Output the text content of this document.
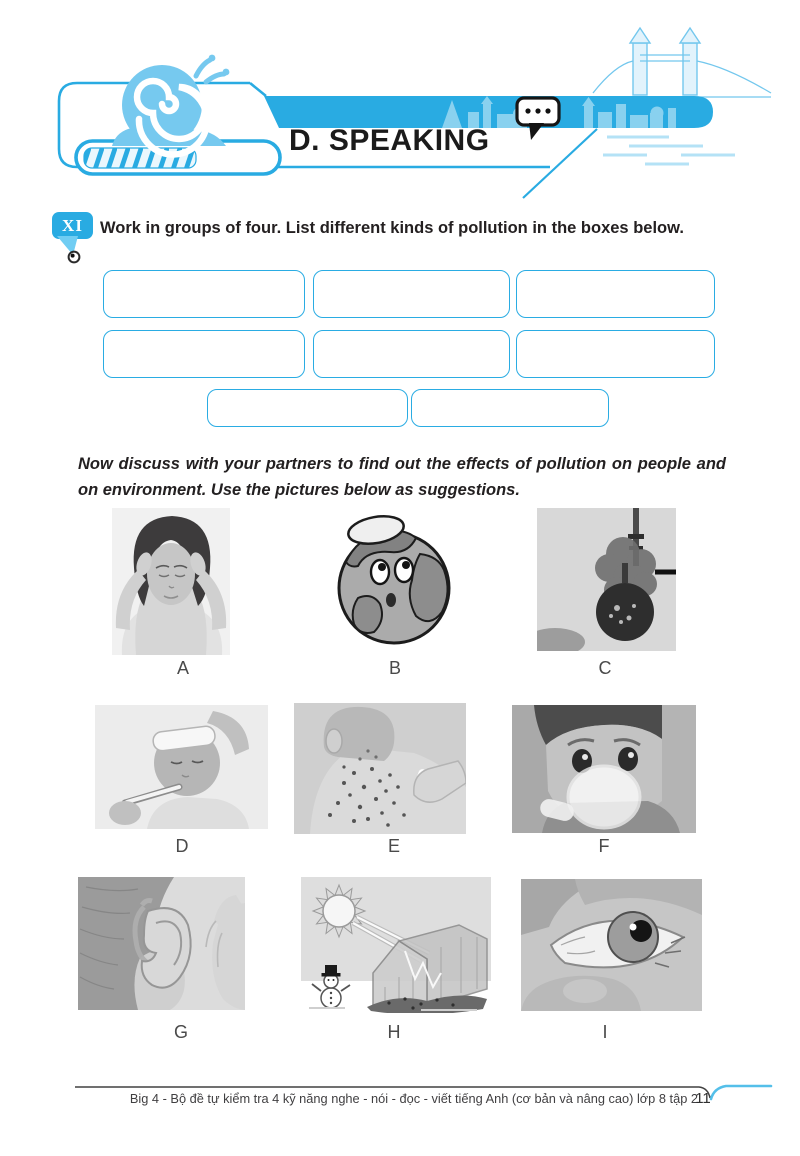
D. SPEAKING
XI	Work in groups of four. List different kinds of pollution in the boxes below.
Now discuss with your partners to find out the effects of pollution on people and on environment. Use the pictures below as suggestions.
A	B	C
D	E	F
G	H	I
Big 4 - Bộ đề tự kiểm tra 4 kỹ năng nghe - nói - đọc - viết tiếng Anh (cơ bản và nâng cao) lớp 8 tập 2
11
